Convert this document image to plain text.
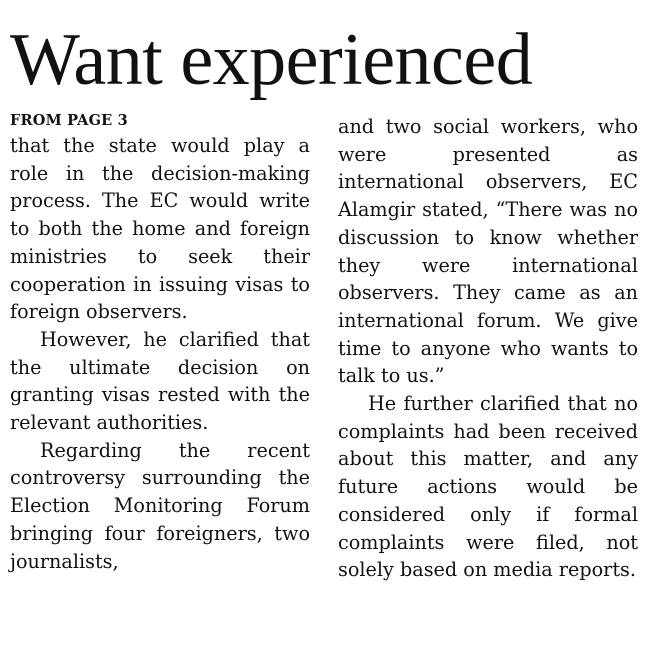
Want experienced
FROM PAGE 3

that the state would play a role in the decision-making process. The EC would write to both the home and foreign ministries to seek their cooperation in issuing visas to foreign observers.

However, he clarified that the ultimate decision on granting visas rested with the relevant authorities.

Regarding the recent controversy surrounding the Election Monitoring Forum bringing four foreigners, two journalists,

and two social workers, who were presented as international observers, EC Alamgir stated, “There was no discussion to know whether they were international observers. They came as an international forum. We give time to anyone who wants to talk to us.”

He further clarified that no complaints had been received about this matter, and any future actions would be considered only if formal complaints were filed, not solely based on media reports.
